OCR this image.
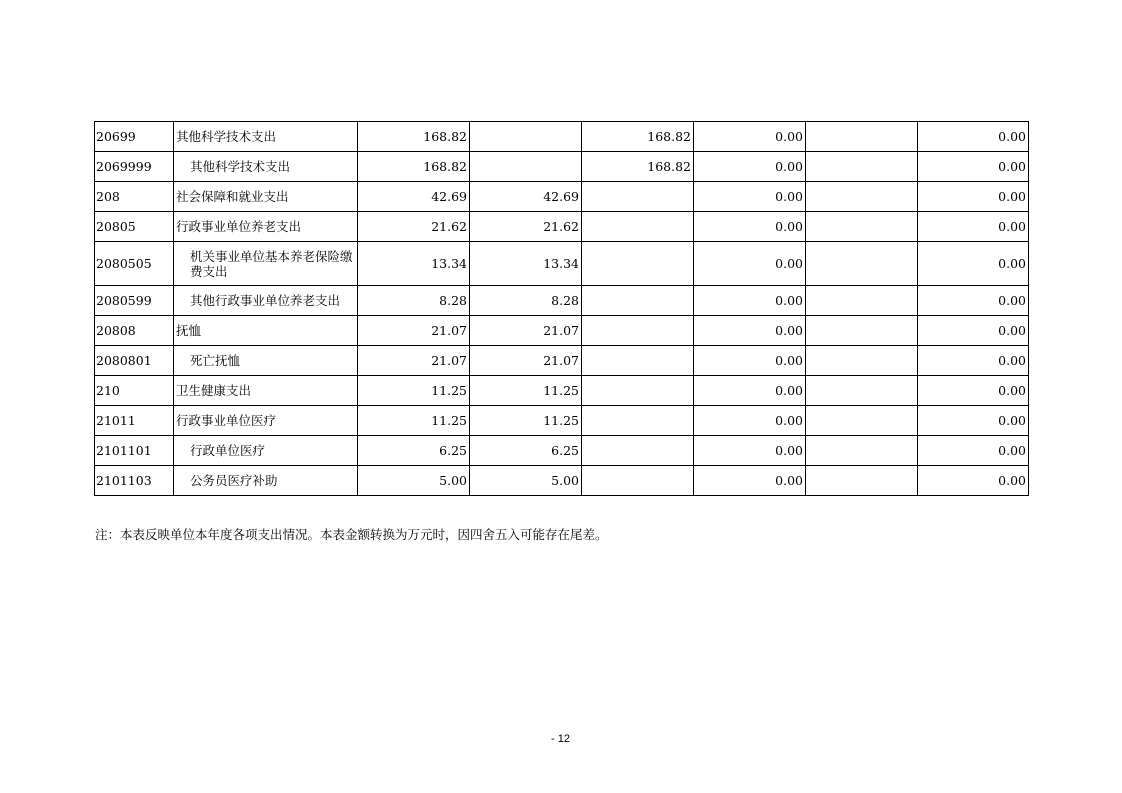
20699	其他科学技术支出	168.82		168.82	0.00		0.00
2069999	其他科学技术支出	168.82		168.82	0.00		0.00
208	社会保障和就业支出	42.69	42.69		0.00		0.00
20805	行政事业单位养老支出	21.62	21.62		0.00		0.00
2080505	机关事业单位基本养老保险缴费支出	13.34	13.34		0.00		0.00
2080599	其他行政事业单位养老支出	8.28	8.28		0.00		0.00
20808	抚恤	21.07	21.07		0.00		0.00
2080801	死亡抚恤	21.07	21.07		0.00		0.00
210	卫生健康支出	11.25	11.25		0.00		0.00
21011	行政事业单位医疗	11.25	11.25		0.00		0.00
2101101	行政单位医疗	6.25	6.25		0.00		0.00
2101103	公务员医疗补助	5.00	5.00		0.00		0.00
注：本表反映单位本年度各项支出情况。本表金额转换为万元时，因四舍五入可能存在尾差。
- 12
